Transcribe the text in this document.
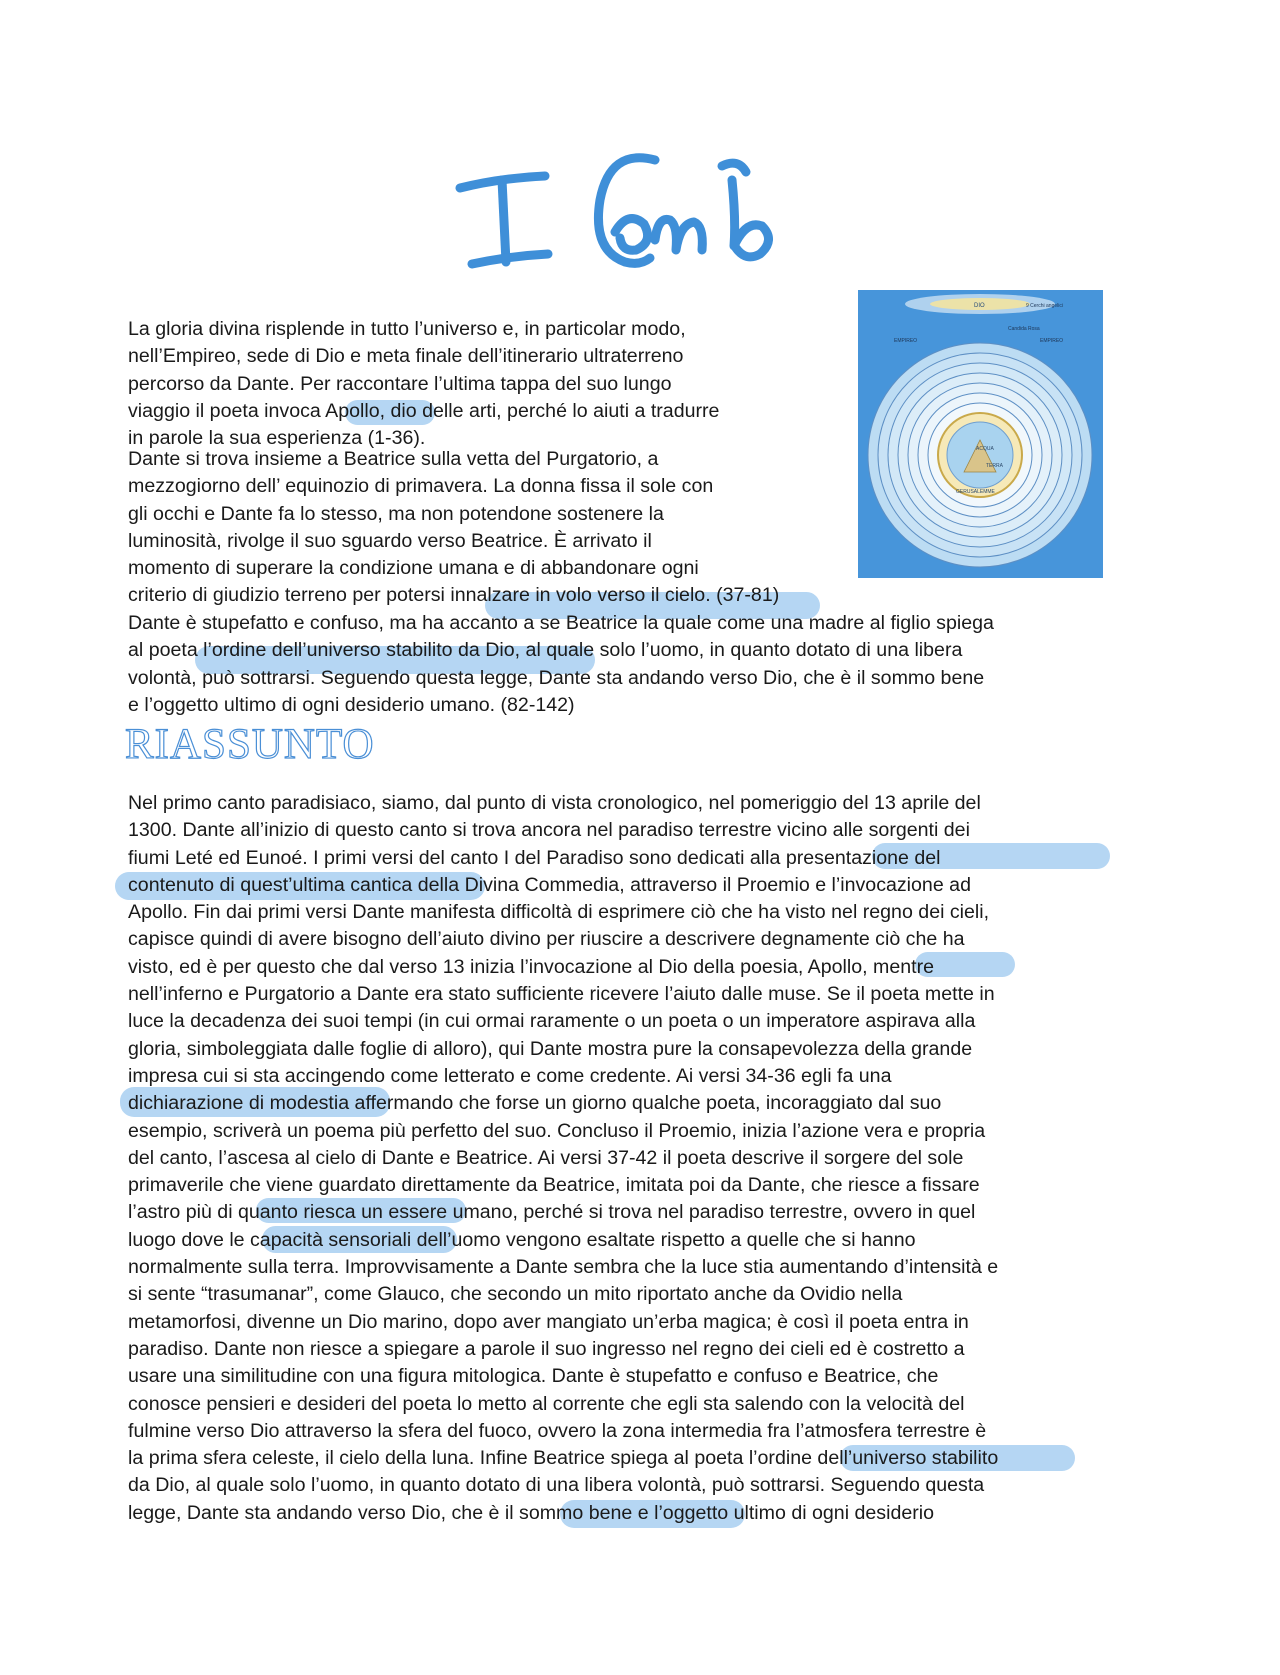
DIO	9 Cerchi angelici
Candida Rosa
EMPIREO	EMPIREO
ACQUA
TERRA
GERUSALEMME

La gloria divina risplende in tutto l’universo e, in particolar modo,
nell’Empireo, sede di Dio e meta finale dell’itinerario ultraterreno
percorso da Dante. Per raccontare l’ultima tappa del suo lungo
viaggio il poeta invoca Apollo, dio delle arti, perché lo aiuti a tradurre
in parole la sua esperienza (1-36).

Dante si trova insieme a Beatrice sulla vetta del Purgatorio, a
mezzogiorno dell’ equinozio di primavera. La donna fissa il sole con
gli occhi e Dante fa lo stesso, ma non potendone sostenere la
luminosità, rivolge il suo sguardo verso Beatrice. È arrivato il
momento di superare la condizione umana e di abbandonare ogni
criterio di giudizio terreno per potersi innalzare in volo verso il cielo. (37-81)

Dante è stupefatto e confuso, ma ha accanto a se Beatrice la quale come una madre al figlio spiega
al poeta l’ordine dell’universo stabilito da Dio, al quale solo l’uomo, in quanto dotato di una libera
volontà, può sottrarsi. Seguendo questa legge, Dante sta andando verso Dio, che è il sommo bene
e l’oggetto ultimo di ogni desiderio umano. (82-142)

RIASSUNTO

Nel primo canto paradisiaco, siamo, dal punto di vista cronologico, nel pomeriggio del 13 aprile del
1300. Dante all’inizio di questo canto si trova ancora nel paradiso terrestre vicino alle sorgenti dei
fiumi Leté ed Eunoé. I primi versi del canto I del Paradiso sono dedicati alla presentazione del
contenuto di quest’ultima cantica della Divina Commedia, attraverso il Proemio e l’invocazione ad
Apollo. Fin dai primi versi Dante manifesta difficoltà di esprimere ciò che ha visto nel regno dei cieli,
capisce quindi di avere bisogno dell’aiuto divino per riuscire a descrivere degnamente ciò che ha
visto, ed è per questo che dal verso 13 inizia l’invocazione al Dio della poesia, Apollo, mentre
nell’inferno e Purgatorio a Dante era stato sufficiente ricevere l’aiuto dalle muse. Se il poeta mette in
luce la decadenza dei suoi tempi (in cui ormai raramente o un poeta o un imperatore aspirava alla
gloria, simboleggiata dalle foglie di alloro), qui Dante mostra pure la consapevolezza della grande
impresa cui si sta accingendo come letterato e come credente. Ai versi 34-36 egli fa una
dichiarazione di modestia affermando che forse un giorno qualche poeta, incoraggiato dal suo
esempio, scriverà un poema più perfetto del suo. Concluso il Proemio, inizia l’azione vera e propria
del canto, l’ascesa al cielo di Dante e Beatrice. Ai versi 37-42 il poeta descrive il sorgere del sole
primaverile che viene guardato direttamente da Beatrice, imitata poi da Dante, che riesce a fissare
l’astro più di quanto riesca un essere umano, perché si trova nel paradiso terrestre, ovvero in quel
luogo dove le capacità sensoriali dell’uomo vengono esaltate rispetto a quelle che si hanno
normalmente sulla terra. Improvvisamente a Dante sembra che la luce stia aumentando d’intensità e
si sente “trasumanar”, come Glauco, che secondo un mito riportato anche da Ovidio nella
metamorfosi, divenne un Dio marino, dopo aver mangiato un’erba magica; è così il poeta entra in
paradiso. Dante non riesce a spiegare a parole il suo ingresso nel regno dei cieli ed è costretto a
usare una similitudine con una figura mitologica. Dante è stupefatto e confuso e Beatrice, che
conosce pensieri e desideri del poeta lo metto al corrente che egli sta salendo con la velocità del
fulmine verso Dio attraverso la sfera del fuoco, ovvero la zona intermedia fra l’atmosfera terrestre è
la prima sfera celeste, il cielo della luna. Infine Beatrice spiega al poeta l’ordine dell’universo stabilito
da Dio, al quale solo l’uomo, in quanto dotato di una libera volontà, può sottrarsi. Seguendo questa
legge, Dante sta andando verso Dio, che è il sommo bene e l’oggetto ultimo di ogni desiderio
